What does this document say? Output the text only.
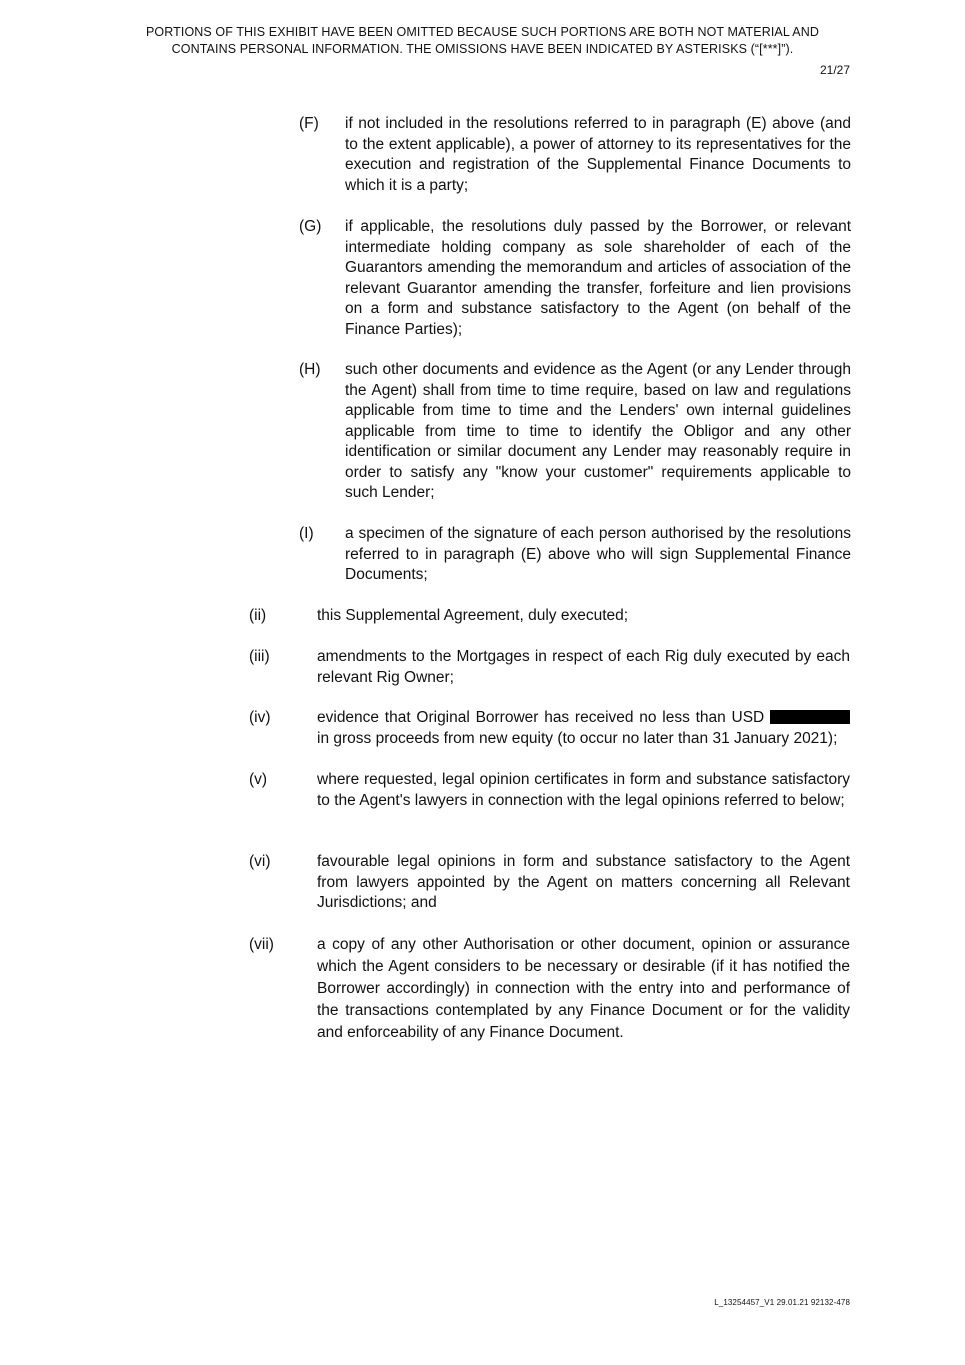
PORTIONS OF THIS EXHIBIT HAVE BEEN OMITTED BECAUSE SUCH PORTIONS ARE BOTH NOT MATERIAL AND
CONTAINS PERSONAL INFORMATION. THE OMISSIONS HAVE BEEN INDICATED BY ASTERISKS (“[***]”).
21/27
(F) if not included in the resolutions referred to in paragraph (E) above (and to the extent applicable), a power of attorney to its representatives for the execution and registration of the Supplemental Finance Documents to which it is a party;
(G) if applicable, the resolutions duly passed by the Borrower, or relevant intermediate holding company as sole shareholder of each of the Guarantors amending the memorandum and articles of association of the relevant Guarantor amending the transfer, forfeiture and lien provisions on a form and substance satisfactory to the Agent (on behalf of the Finance Parties);
(H) such other documents and evidence as the Agent (or any Lender through the Agent) shall from time to time require, based on law and regulations applicable from time to time and the Lenders' own internal guidelines applicable from time to time to identify the Obligor and any other identification or similar document any Lender may reasonably require in order to satisfy any "know your customer" requirements applicable to such Lender;
(I) a specimen of the signature of each person authorised by the resolutions referred to in paragraph (E) above who will sign Supplemental Finance Documents;
(ii)	this Supplemental Agreement, duly executed;
(iii)	amendments to the Mortgages in respect of each Rig duly executed by each relevant Rig Owner;
(iv)	evidence that Original Borrower has received no less than USD  in gross proceeds from new equity (to occur no later than 31 January 2021);
(v)	where requested, legal opinion certificates in form and substance satisfactory to the Agent's lawyers in connection with the legal opinions referred to below;
(vi)	favourable legal opinions in form and substance satisfactory to the Agent from lawyers appointed by the Agent on matters concerning all Relevant Jurisdictions; and
(vii)	a copy of any other Authorisation or other document, opinion or assurance which the Agent considers to be necessary or desirable (if it has notified the Borrower accordingly) in connection with the entry into and performance of the transactions contemplated by any Finance Document or for the validity and enforceability of any Finance Document.
L_13254457_V1 29.01.21 92132-478
